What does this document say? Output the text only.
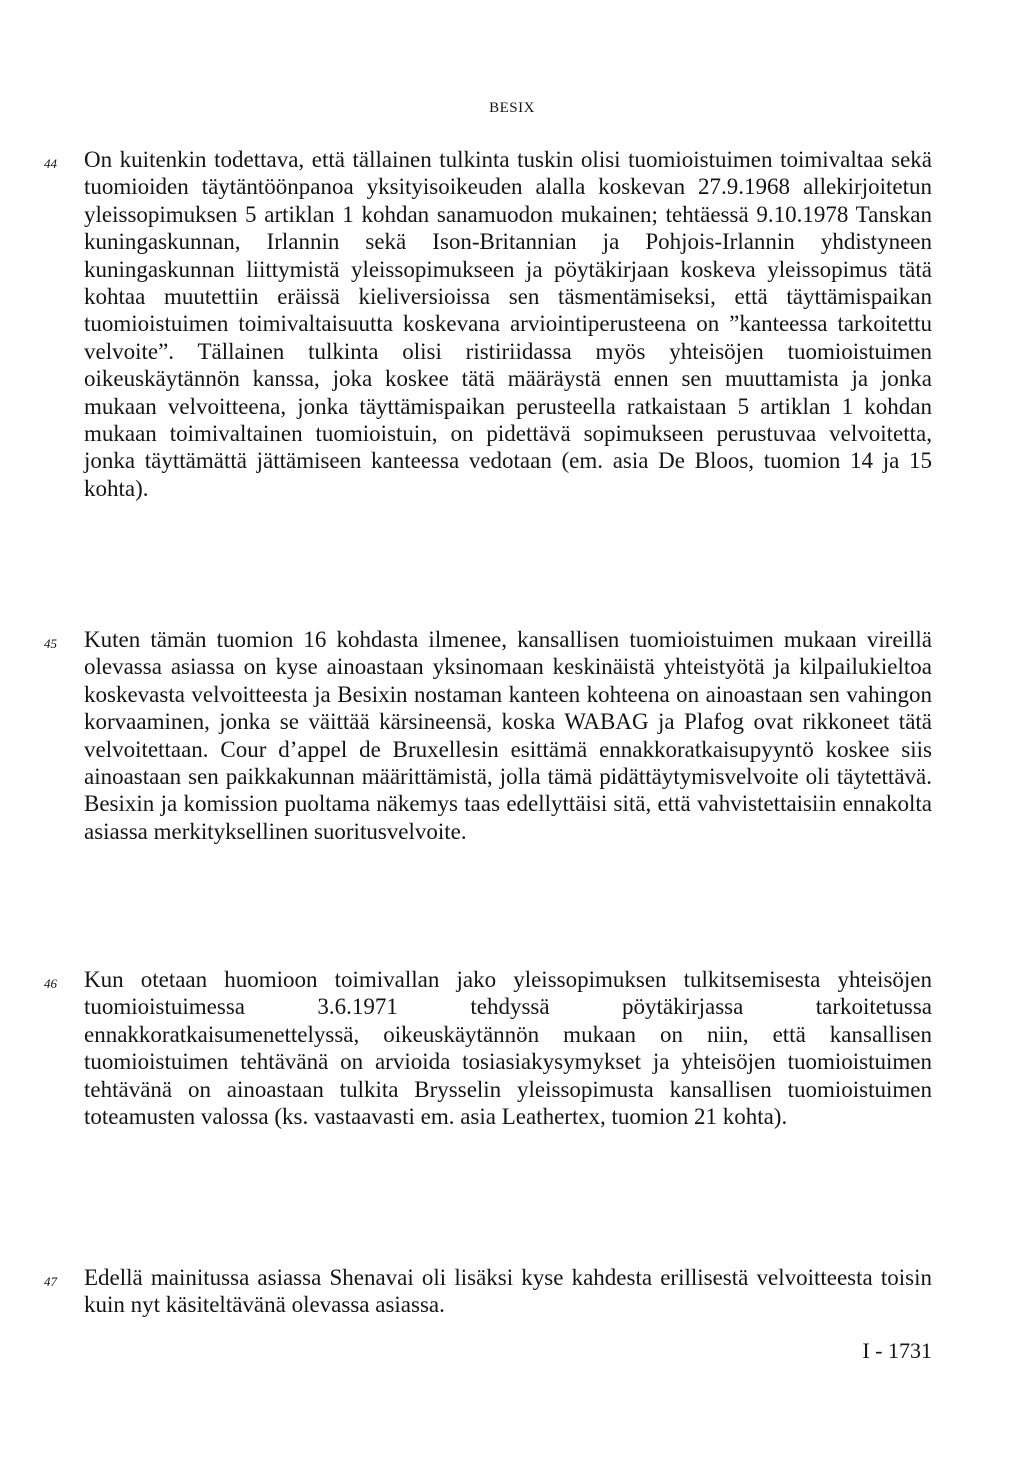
BESIX
44 On kuitenkin todettava, että tällainen tulkinta tuskin olisi tuomioistuimen toimivaltaa sekä tuomioiden täytäntöönpanoa yksityisoikeuden alalla koskevan 27.9.1968 allekirjoitetun yleissopimuksen 5 artiklan 1 kohdan sanamuodon mukainen; tehtäessä 9.10.1978 Tanskan kuningaskunnan, Irlannin sekä Ison-Britannian ja Pohjois-Irlannin yhdistyneen kuningaskunnan liittymistä yleissopimukseen ja pöytäkirjaan koskeva yleissopimus tätä kohtaa muutettiin eräissä kieliversioissa sen täsmentämiseksi, että täyttämispaikan tuomioistuimen toimivaltaisuutta koskevana arviointiperusteena on ”kanteessa tarkoitettu velvoite”. Tällainen tulkinta olisi ristiriidassa myös yhteisöjen tuomioistuimen oikeuskäytännön kanssa, joka koskee tätä määräystä ennen sen muuttamista ja jonka mukaan velvoitteena, jonka täyttämispaikan perusteella ratkaistaan 5 artiklan 1 kohdan mukaan toimivaltainen tuomioistuin, on pidettävä sopimukseen perustuvaa velvoitetta, jonka täyttämättä jättämiseen kanteessa vedotaan (em. asia De Bloos, tuomion 14 ja 15 kohta).
45 Kuten tämän tuomion 16 kohdasta ilmenee, kansallisen tuomioistuimen mukaan vireillä olevassa asiassa on kyse ainoastaan yksinomaan keskinäistä yhteistyötä ja kilpailukieltoa koskevasta velvoitteesta ja Besixin nostaman kanteen kohteena on ainoastaan sen vahingon korvaaminen, jonka se väittää kärsineensä, koska WABAG ja Plafog ovat rikkoneet tätä velvoitettaan. Cour d’appel de Bruxellesin esittämä ennakkoratkaisupyyntö koskee siis ainoastaan sen paikkakunnan määrittämistä, jolla tämä pidättäytymisvelvoite oli täytettävä. Besixin ja komission puoltama näkemys taas edellyttäisi sitä, että vahvistettaisiin ennakolta asiassa merkityksellinen suoritusvelvoite.
46 Kun otetaan huomioon toimivallan jako yleissopimuksen tulkitsemisesta yhteisöjen tuomioistuimessa 3.6.1971 tehdyssä pöytäkirjassa tarkoitetussa ennakkoratkaisumenettelyssä, oikeuskäytännön mukaan on niin, että kansallisen tuomioistuimen tehtävänä on arvioida tosiasiakysymykset ja yhteisöjen tuomioistuimen tehtävänä on ainoastaan tulkita Brysselin yleissopimusta kansallisen tuomioistuimen toteamusten valossa (ks. vastaavasti em. asia Leathertex, tuomion 21 kohta).
47 Edellä mainitussa asiassa Shenavai oli lisäksi kyse kahdesta erillisestä velvoitteesta toisin kuin nyt käsiteltävänä olevassa asiassa.
I - 1731
